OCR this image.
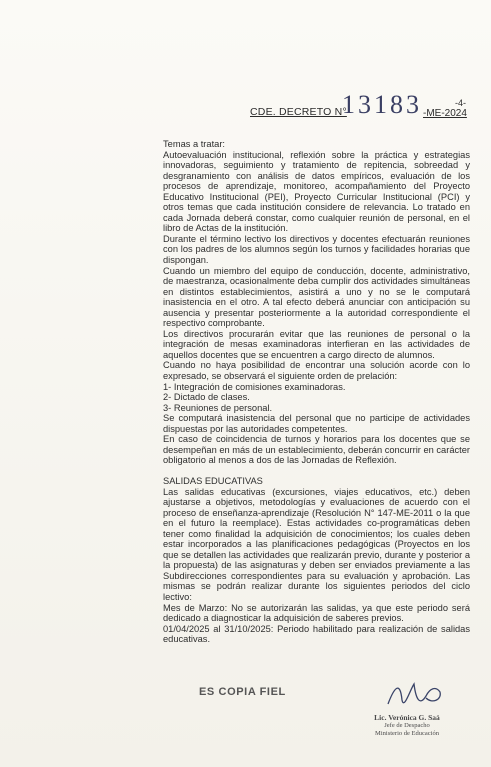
CDE. DECRETO N°
13183 -ME-2024
-4-

Temas a tratar:

Autoevaluación institucional, reflexión sobre la práctica y estrategias innovadoras, seguimiento y tratamiento de repitencia, sobreedad y desgranamiento con análisis de datos empíricos, evaluación de los procesos de aprendizaje, monitoreo, acompañamiento del Proyecto Educativo Institucional (PEI), Proyecto Curricular Institucional (PCI) y otros temas que cada institución considere de relevancia. Lo tratado en cada Jornada deberá constar, como cualquier reunión de personal, en el libro de Actas de la institución.

Durante el término lectivo los directivos y docentes efectuarán reuniones con los padres de los alumnos según los turnos y facilidades horarias que dispongan.

Cuando un miembro del equipo de conducción, docente, administrativo, de maestranza, ocasionalmente deba cumplir dos actividades simultáneas en distintos establecimientos, asistirá a uno y no se le computará inasistencia en el otro. A tal efecto deberá anunciar con anticipación su ausencia y presentar posteriormente a la autoridad correspondiente el respectivo comprobante.

Los directivos procurarán evitar que las reuniones de personal o la integración de mesas examinadoras interfieran en las actividades de aquellos docentes que se encuentren a cargo directo de alumnos.

Cuando no haya posibilidad de encontrar una solución acorde con lo expresado, se observará el siguiente orden de prelación:

1- Integración de comisiones examinadoras.

2- Dictado de clases.

3- Reuniones de personal.

Se computará inasistencia del personal que no participe de actividades dispuestas por las autoridades competentes.

En caso de coincidencia de turnos y horarios para los docentes que se desempeñan en más de un establecimiento, deberán concurrir en carácter obligatorio al menos a dos de las Jornadas de Reflexión.

SALIDAS EDUCATIVAS

Las salidas educativas (excursiones, viajes educativos, etc.) deben ajustarse a objetivos, metodologías y evaluaciones de acuerdo con el proceso de enseñanza-aprendizaje (Resolución N° 147-ME-2011 o la que en el futuro la reemplace). Estas actividades co-programáticas deben tener como finalidad la adquisición de conocimientos; los cuales deben estar incorporados a las planificaciones pedagógicas (Proyectos en los que se detallen las actividades que realizarán previo, durante y posterior a la propuesta) de las asignaturas y deben ser enviados previamente a las Subdirecciones correspondientes para su evaluación y aprobación. Las mismas se podrán realizar durante los siguientes periodos del ciclo lectivo:

Mes de Marzo: No se autorizarán las salidas, ya que este periodo será dedicado a diagnosticar la adquisición de saberes previos.

01/04/2025 al 31/10/2025: Periodo habilitado para realización de salidas educativas.

ES COPIA FIEL
Lic. Verónica G. Saá
Jefe de Despacho
Ministerio de Educación
